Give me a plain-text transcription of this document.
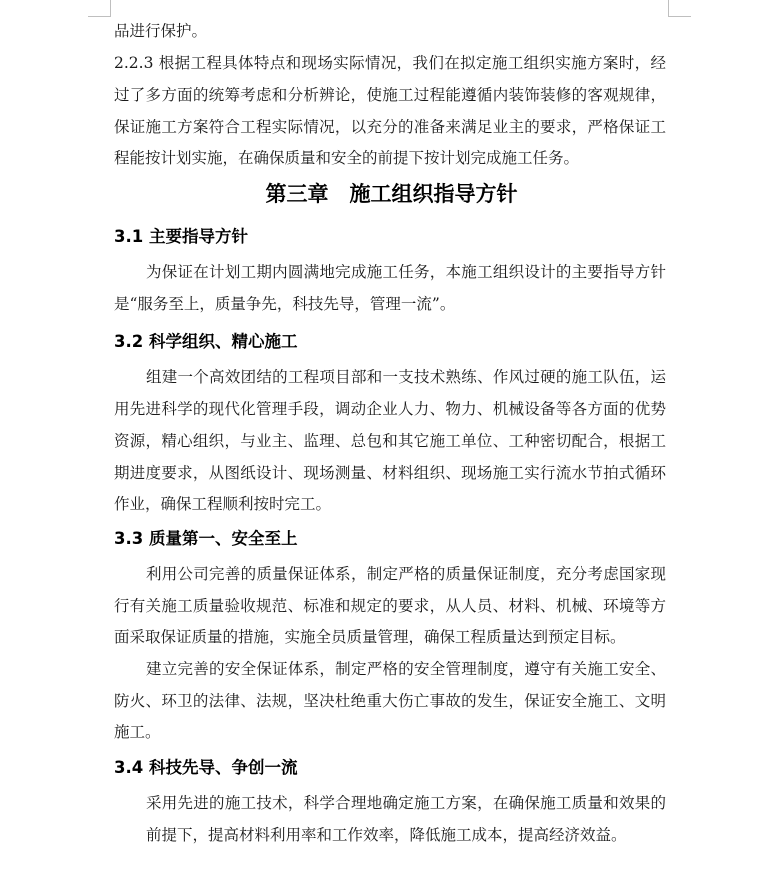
品进行保护。
2.2.3 根据工程具体特点和现场实际情况，我们在拟定施工组织实施方案时，经
过了多方面的统筹考虑和分析辨论，使施工过程能遵循内装饰装修的客观规律，
保证施工方案符合工程实际情况，以充分的准备来满足业主的要求，严格保证工
程能按计划实施，在确保质量和安全的前提下按计划完成施工任务。
第三章　施工组织指导方针
3.1 主要指导方针
为保证在计划工期内圆满地完成施工任务，本施工组织设计的主要指导方针
是“服务至上，质量争先，科技先导，管理一流”。
3.2 科学组织、精心施工
组建一个高效团结的工程项目部和一支技术熟练、作风过硬的施工队伍，运
用先进科学的现代化管理手段，调动企业人力、物力、机械设备等各方面的优势
资源，精心组织，与业主、监理、总包和其它施工单位、工种密切配合，根据工
期进度要求，从图纸设计、现场测量、材料组织、现场施工实行流水节拍式循环
作业，确保工程顺利按时完工。
3.3 质量第一、安全至上
利用公司完善的质量保证体系，制定严格的质量保证制度，充分考虑国家现
行有关施工质量验收规范、标准和规定的要求，从人员、材料、机械、环境等方
面采取保证质量的措施，实施全员质量管理，确保工程质量达到预定目标。
建立完善的安全保证体系，制定严格的安全管理制度，遵守有关施工安全、
防火、环卫的法律、法规，坚决杜绝重大伤亡事故的发生，保证安全施工、文明
施工。
3.4 科技先导、争创一流
采用先进的施工技术，科学合理地确定施工方案，在确保施工质量和效果的
前提下，提高材料利用率和工作效率，降低施工成本，提高经济效益。
